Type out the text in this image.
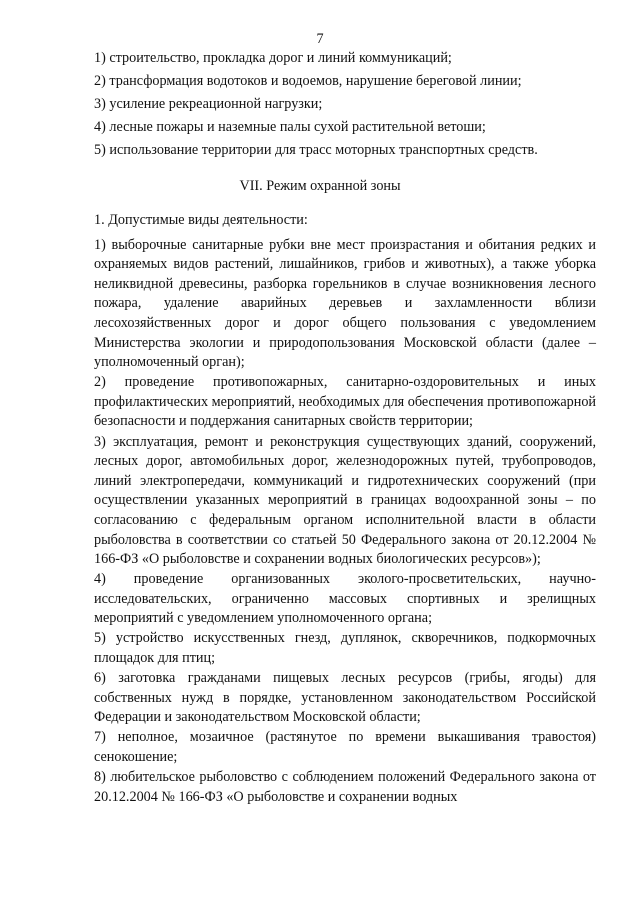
7
1) строительство, прокладка дорог и линий коммуникаций;
2) трансформация водотоков и водоемов, нарушение береговой линии;
3) усиление рекреационной нагрузки;
4) лесные пожары и наземные палы сухой растительной ветоши;
5) использование территории для трасс моторных транспортных средств.
VII. Режим охранной зоны

1. Допустимые виды деятельности:

1) выборочные санитарные рубки вне мест произрастания и обитания редких и охраняемых видов растений, лишайников, грибов и животных), а также уборка неликвидной древесины, разборка горельников в случае возникновения лесного пожара, удаление аварийных деревьев и захламленности вблизи лесохозяйственных дорог и дорог общего пользования с уведомлением Министерства экологии и природопользования Московской области (далее – уполномоченный орган);

2) проведение противопожарных, санитарно-оздоровительных и иных профилактических мероприятий, необходимых для обеспечения противопожарной безопасности и поддержания санитарных свойств территории;

3) эксплуатация, ремонт и реконструкция существующих зданий, сооружений, лесных дорог, автомобильных дорог, железнодорожных путей, трубопроводов, линий электропередачи, коммуникаций и гидротехнических сооружений (при осуществлении указанных мероприятий в границах водоохранной зоны – по согласованию с федеральным органом исполнительной власти в области рыболовства в соответствии со статьей 50 Федерального закона от 20.12.2004 № 166-ФЗ «О рыболовстве и сохранении водных биологических ресурсов»);

4) проведение организованных эколого-просветительских, научно-исследовательских, ограниченно массовых спортивных и зрелищных мероприятий с уведомлением уполномоченного органа;

5) устройство искусственных гнезд, дуплянок, скворечников, подкормочных площадок для птиц;

6) заготовка гражданами пищевых лесных ресурсов (грибы, ягоды) для собственных нужд в порядке, установленном законодательством Российской Федерации и законодательством Московской области;

7) неполное, мозаичное (растянутое по времени выкашивания травостоя) сенокошение;

8) любительское рыболовство с соблюдением положений Федерального закона от 20.12.2004 № 166-ФЗ «О рыболовстве и сохранении водных
